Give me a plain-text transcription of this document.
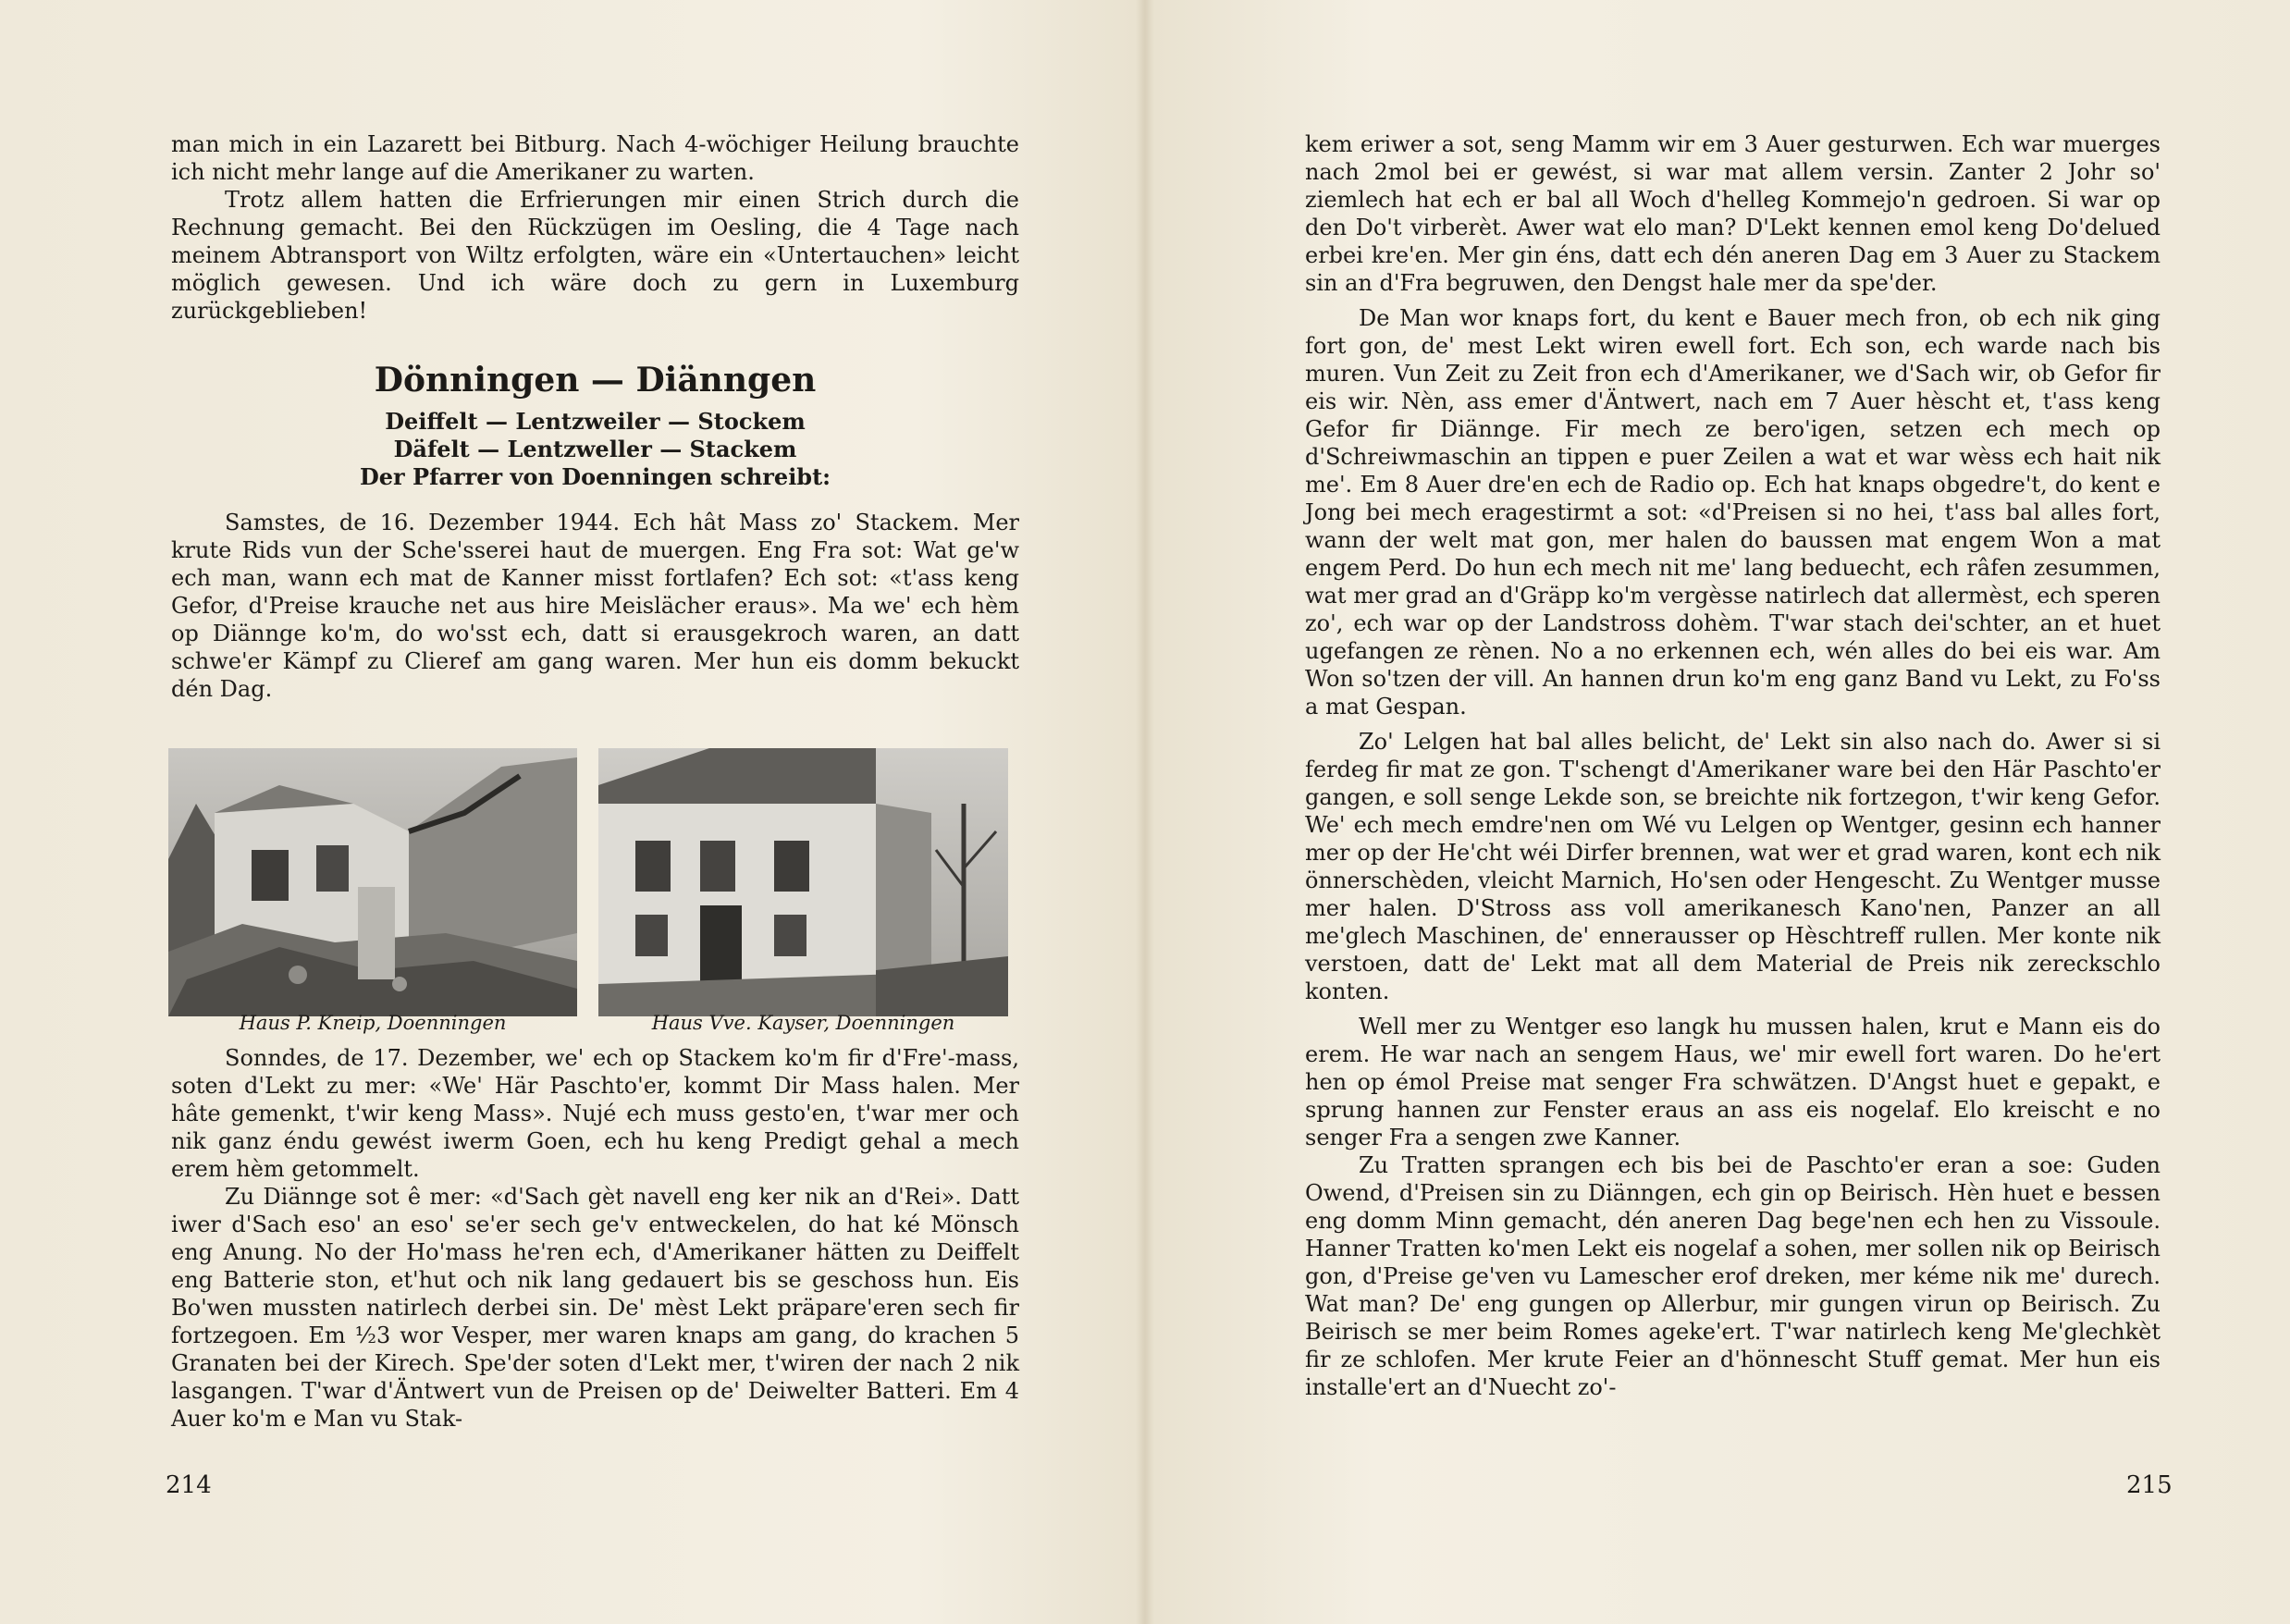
man mich in ein Lazarett bei Bitburg. Nach 4-wöchiger Heilung brauchte ich nicht mehr lange auf die Amerikaner zu warten.

Trotz allem hatten die Erfrierungen mir einen Strich durch die Rechnung gemacht. Bei den Rückzügen im Oesling, die 4 Tage nach meinem Abtransport von Wiltz erfolgten, wäre ein «Untertauchen» leicht möglich gewesen. Und ich wäre doch zu gern in Luxemburg zurückgeblieben!

Dönningen — Diänngen
Deiffelt — Lentzweiler — Stockem
Däfelt — Lentzweller — Stackem
Der Pfarrer von Doenningen schreibt:

Samstes, de 16. Dezember 1944. Ech hât Mass zo' Stackem. Mer krute Rids vun der Sche'sserei haut de muergen. Eng Fra sot: Wat ge'w ech man, wann ech mat de Kanner misst fortlafen? Ech sot: «t'ass keng Gefor, d'Preise krauche net aus hire Meislächer eraus». Ma we' ech hèm op Diännge ko'm, do wo'sst ech, datt si erausgekroch waren, an datt schwe'er Kämpf zu Clieref am gang waren. Mer hun eis domm bekuckt dén Dag.

Haus P. Kneip, Doenningen	Haus Vve. Kayser, Doenningen

Sonndes, de 17. Dezember, we' ech op Stackem ko'm fir d'Fre'-mass, soten d'Lekt zu mer: «We' Här Paschto'er, kommt Dir Mass halen. Mer hâte gemenkt, t'wir keng Mass». Nujé ech muss gesto'en, t'war mer och nik ganz éndu gewést iwerm Goen, ech hu keng Predigt gehal a mech erem hèm getommelt.

Zu Diännge sot ê mer: «d'Sach gèt navell eng ker nik an d'Rei». Datt iwer d'Sach eso' an eso' se'er sech ge'v entweckelen, do hat ké Mönsch eng Anung. No der Ho'mass he'ren ech, d'Amerikaner hätten zu Deiffelt eng Batterie ston, et'hut och nik lang gedauert bis se geschoss hun. Eis Bo'wen mussten natirlech derbei sin. De' mèst Lekt präpare'eren sech fir fortzegoen. Em ½3 wor Vesper, mer waren knaps am gang, do krachen 5 Granaten bei der Kirech. Spe'der soten d'Lekt mer, t'wiren der nach 2 nik lasgangen. T'war d'Äntwert vun de Preisen op de' Deiwelter Batteri. Em 4 Auer ko'm e Man vu Stak-

214

kem eriwer a sot, seng Mamm wir em 3 Auer gesturwen. Ech war muerges nach 2mol bei er gewést, si war mat allem versin. Zanter 2 Johr so' ziemlech hat ech er bal all Woch d'helleg Kommejo'n gedroen. Si war op den Do't virberèt. Awer wat elo man? D'Lekt kennen emol keng Do'delued erbei kre'en. Mer gin éns, datt ech dén aneren Dag em 3 Auer zu Stackem sin an d'Fra begruwen, den Dengst hale mer da spe'der.

De Man wor knaps fort, du kent e Bauer mech fron, ob ech nik ging fort gon, de' mest Lekt wiren ewell fort. Ech son, ech warde nach bis muren. Vun Zeit zu Zeit fron ech d'Amerikaner, we d'Sach wir, ob Gefor fir eis wir. Nèn, ass emer d'Äntwert, nach em 7 Auer hèscht et, t'ass keng Gefor fir Diännge. Fir mech ze bero'igen, setzen ech mech op d'Schreiwmaschin an tippen e puer Zeilen a wat et war wèss ech hait nik me'. Em 8 Auer dre'en ech de Radio op. Ech hat knaps obgedre't, do kent e Jong bei mech eragestirmt a sot: «d'Preisen si no hei, t'ass bal alles fort, wann der welt mat gon, mer halen do baussen mat engem Won a mat engem Perd. Do hun ech mech nit me' lang beduecht, ech râfen zesummen, wat mer grad an d'Gräpp ko'm vergèsse natirlech dat allermèst, ech speren zo', ech war op der Landstross dohèm. T'war stach dei'schter, an et huet ugefangen ze rènen. No a no erkennen ech, wén alles do bei eis war. Am Won so'tzen der vill. An hannen drun ko'm eng ganz Band vu Lekt, zu Fo'ss a mat Gespan.

Zo' Lelgen hat bal alles belicht, de' Lekt sin also nach do. Awer si si ferdeg fir mat ze gon. T'schengt d'Amerikaner ware bei den Här Paschto'er gangen, e soll senge Lekde son, se breichte nik fortzegon, t'wir keng Gefor. We' ech mech emdre'nen om Wé vu Lelgen op Wentger, gesinn ech hanner mer op der He'cht wéi Dirfer brennen, wat wer et grad waren, kont ech nik önnerschèden, vleicht Marnich, Ho'sen oder Hengescht. Zu Wentger musse mer halen. D'Stross ass voll amerikanesch Kano'nen, Panzer an all me'glech Maschinen, de' ennerausser op Hèschtreff rullen. Mer konte nik verstoen, datt de' Lekt mat all dem Material de Preis nik zereckschlo konten.

Well mer zu Wentger eso langk hu mussen halen, krut e Mann eis do erem. He war nach an sengem Haus, we' mir ewell fort waren. Do he'ert hen op émol Preise mat senger Fra schwätzen. D'Angst huet e gepakt, e sprung hannen zur Fenster eraus an ass eis nogelaf. Elo kreischt e no senger Fra a sengen zwe Kanner.

Zu Tratten sprangen ech bis bei de Paschto'er eran a soe: Guden Owend, d'Preisen sin zu Diänngen, ech gin op Beirisch. Hèn huet e bessen eng domm Minn gemacht, dén aneren Dag bege'nen ech hen zu Vissoule. Hanner Tratten ko'men Lekt eis nogelaf a sohen, mer sollen nik op Beirisch gon, d'Preise ge'ven vu Lamescher erof dreken, mer kéme nik me' durech. Wat man? De' eng gungen op Allerbur, mir gungen virun op Beirisch. Zu Beirisch se mer beim Romes ageke'ert. T'war natirlech keng Me'glechkèt fir ze schlofen. Mer krute Feier an d'hönnescht Stuff gemat. Mer hun eis installe'ert an d'Nuecht zo'-

215
